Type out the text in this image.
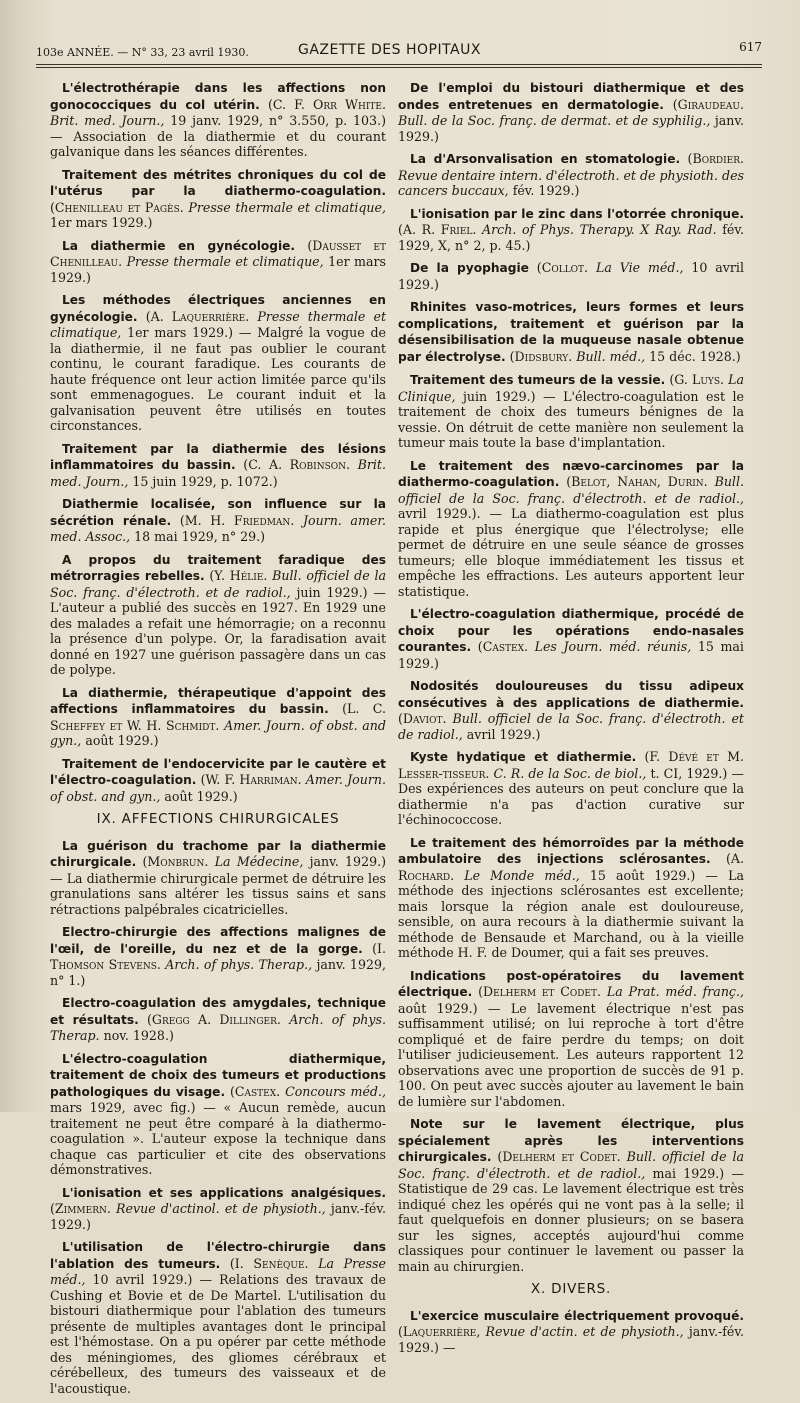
103e ANNÉE. — N° 33, 23 avril 1930.	GAZETTE DES HOPITAUX	617

L'électrothérapie dans les affections non gonococciques du col utérin. (C. F. Orr White. Brit. med. Journ., 19 janv. 1929, n° 3.550, p. 103.) — Association de la diathermie et du courant galvanique dans les séances différentes.

Traitement des métrites chroniques du col de l'utérus par la diathermo-coagulation. (Chenilleau et Pagès. Presse thermale et climatique, 1er mars 1929.)

La diathermie en gynécologie. (Dausset et Chenilleau. Presse thermale et climatique, 1er mars 1929.)

Les méthodes électriques anciennes en gynécologie. (A. Laquerrière. Presse thermale et climatique, 1er mars 1929.) — Malgré la vogue de la diathermie, il ne faut pas oublier le courant continu, le courant faradique. Les courants de haute fréquence ont leur action limitée parce qu'ils sont emmenagogues. Le courant induit et la galvanisation peuvent être utilisés en toutes circonstances.

Traitement par la diathermie des lésions inflammatoires du bassin. (C. A. Robinson. Brit. med. Journ., 15 juin 1929, p. 1072.)

Diathermie localisée, son influence sur la sécrétion rénale. (M. H. Friedman. Journ. amer. med. Assoc., 18 mai 1929, n° 29.)

A propos du traitement faradique des métrorragies rebelles. (Y. Hélie. Bull. officiel de la Soc. franç. d'électroth. et de radiol., juin 1929.) — L'auteur a publié des succès en 1927. En 1929 une des malades a refait une hémorragie; on a reconnu la présence d'un polype. Or, la faradisation avait donné en 1927 une guérison passagère dans un cas de polype.

La diathermie, thérapeutique d'appoint des affections inflammatoires du bassin. (L. C. Scheffey et W. H. Schmidt. Amer. Journ. of obst. and gyn., août 1929.)

Traitement de l'endocervicite par le cautère et l'électro-coagulation. (W. F. Harriman. Amer. Journ. of obst. and gyn., août 1929.)

IX. AFFECTIONS CHIRURGICALES

La guérison du trachome par la diathermie chirurgicale. (Monbrun. La Médecine, janv. 1929.) — La diathermie chirurgicale permet de détruire les granulations sans altérer les tissus sains et sans rétractions palpébrales cicatricielles.

Electro-chirurgie des affections malignes de l'œil, de l'oreille, du nez et de la gorge. (I. Thomson Stevens. Arch. of phys. Therap., janv. 1929, n° 1.)

Electro-coagulation des amygdales, technique et résultats. (Gregg A. Dillinger. Arch. of phys. Therap. nov. 1928.)

L'électro-coagulation diathermique, traitement de choix des tumeurs et productions pathologiques du visage. (Castex. Concours méd., mars 1929, avec fig.) — « Aucun remède, aucun traitement ne peut être comparé à la diathermo-coagulation ». L'auteur expose la technique dans chaque cas particulier et cite des observations démonstratives.

L'ionisation et ses applications analgésiques. (Zimmern. Revue d'actinol. et de physioth., janv.-fév. 1929.)

L'utilisation de l'électro-chirurgie dans l'ablation des tumeurs. (I. Senèque. La Presse méd., 10 avril 1929.) — Relations des travaux de Cushing et Bovie et de De Martel. L'utilisation du bistouri diathermique pour l'ablation des tumeurs présente de multiples avantages dont le principal est l'hémostase. On a pu opérer par cette méthode des méningiomes, des gliomes cérébraux et cérébelleux, des tumeurs des vaisseaux et de l'acoustique.

De l'emploi du bistouri diathermique et des ondes entretenues en dermatologie. (Giraudeau. Bull. de la Soc. franç. de dermat. et de syphilig., janv. 1929.)

La d'Arsonvalisation en stomatologie. (Bordier. Revue dentaire intern. d'électroth. et de physioth. des cancers buccaux, fév. 1929.)

L'ionisation par le zinc dans l'otorrée chronique. (A. R. Friel. Arch. of Phys. Therapy. X Ray. Rad. fév. 1929, X, n° 2, p. 45.)

De la pyophagie (Collot. La Vie méd., 10 avril 1929.)

Rhinites vaso-motrices, leurs formes et leurs complications, traitement et guérison par la désensibilisation de la muqueuse nasale obtenue par électrolyse. (Didsbury. Bull. méd., 15 déc. 1928.)

Traitement des tumeurs de la vessie. (G. Luys. La Clinique, juin 1929.) — L'électro-coagulation est le traitement de choix des tumeurs bénignes de la vessie. On détruit de cette manière non seulement la tumeur mais toute la base d'implantation.

Le traitement des nævo-carcinomes par la diathermo-coagulation. (Belot, Nahan, Durin. Bull. officiel de la Soc. franç. d'électroth. et de radiol., avril 1929.). — La diathermo-coagulation est plus rapide et plus énergique que l'électrolyse; elle permet de détruire en une seule séance de grosses tumeurs; elle bloque immédiatement les tissus et empêche les effractions. Les auteurs apportent leur statistique.

L'électro-coagulation diathermique, procédé de choix pour les opérations endo-nasales courantes. (Castex. Les Journ. méd. réunis, 15 mai 1929.)

Nodosités douloureuses du tissu adipeux consécutives à des applications de diathermie. (Daviot. Bull. officiel de la Soc. franç. d'électroth. et de radiol., avril 1929.)

Kyste hydatique et diathermie. (F. Dévé et M. Lesser-tisseur. C. R. de la Soc. de biol., t. CI, 1929.) — Des expériences des auteurs on peut conclure que la diathermie n'a pas d'action curative sur l'échinococcose.

Le traitement des hémorroïdes par la méthode ambulatoire des injections sclérosantes. (A. Rochard. Le Monde méd., 15 août 1929.) — La méthode des injections sclérosantes est excellente; mais lorsque la région anale est douloureuse, sensible, on aura recours à la diathermie suivant la méthode de Bensaude et Marchand, ou à la vieille méthode H. F. de Doumer, qui a fait ses preuves.

Indications post-opératoires du lavement électrique. (Delherm et Codet. La Prat. méd. franç., août 1929.) — Le lavement électrique n'est pas suffisamment utilisé; on lui reproche à tort d'être compliqué et de faire perdre du temps; on doit l'utiliser judicieusement. Les auteurs rapportent 12 observations avec une proportion de succès de 91 p. 100. On peut avec succès ajouter au lavement le bain de lumière sur l'abdomen.

Note sur le lavement électrique, plus spécialement après les interventions chirurgicales. (Delherm et Codet. Bull. officiel de la Soc. franç. d'électroth. et de radiol., mai 1929.) — Statistique de 29 cas. Le lavement électrique est très indiqué chez les opérés qui ne vont pas à la selle; il faut quelquefois en donner plusieurs; on se basera sur les signes, acceptés aujourd'hui comme classiques pour continuer le lavement ou passer la main au chirurgien.

X. DIVERS.

L'exercice musculaire électriquement provoqué. (Laquerrière, Revue d'actin. et de physioth., janv.-fév. 1929.) —
